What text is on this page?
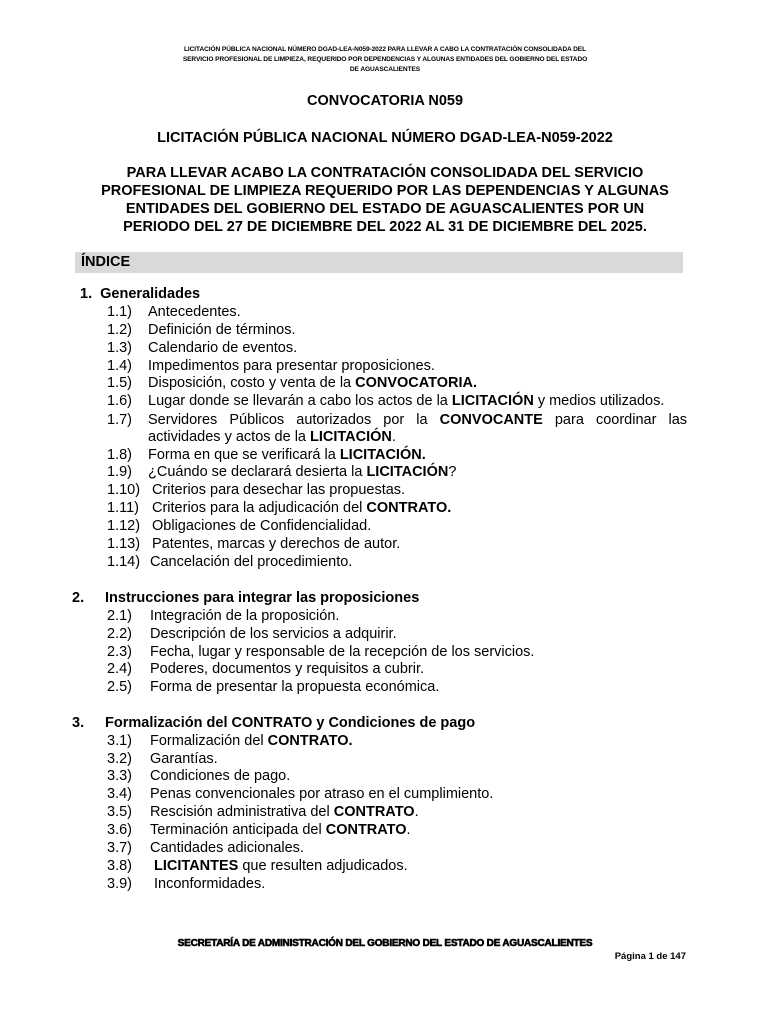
LICITACIÓN PÚBLICA NACIONAL NÚMERO DGAD-LEA-N059-2022 PARA LLEVAR A CABO LA CONTRATACIÓN CONSOLIDADA DEL
SERVICIO PROFESIONAL DE LIMPIEZA, REQUERIDO POR DEPENDENCIAS Y ALGUNAS ENTIDADES DEL GOBIERNO DEL ESTADO
DE AGUASCALIENTES
CONVOCATORIA N059
LICITACIÓN PÚBLICA NACIONAL NÚMERO DGAD-LEA-N059-2022
PARA LLEVAR ACABO LA CONTRATACIÓN CONSOLIDADA DEL SERVICIO
PROFESIONAL DE LIMPIEZA REQUERIDO POR LAS DEPENDENCIAS Y ALGUNAS
ENTIDADES DEL GOBIERNO DEL ESTADO DE AGUASCALIENTES POR UN
PERIODO DEL 27 DE DICIEMBRE DEL 2022 AL 31 DE DICIEMBRE DEL 2025.
ÍNDICE
1. Generalidades
1.1) Antecedentes.
1.2) Definición de términos.
1.3) Calendario de eventos.
1.4) Impedimentos para presentar proposiciones.
1.5) Disposición, costo y venta de la CONVOCATORIA.
1.6) Lugar donde se llevarán a cabo los actos de la LICITACIÓN y medios utilizados.
1.7) Servidores Públicos autorizados por la CONVOCANTE para coordinar las
actividades y actos de la LICITACIÓN.
1.8) Forma en que se verificará la LICITACIÓN.
1.9) ¿Cuándo se declarará desierta la LICITACIÓN?
1.10) Criterios para desechar las propuestas.
1.11) Criterios para la adjudicación del CONTRATO.
1.12) Obligaciones de Confidencialidad.
1.13) Patentes, marcas y derechos de autor.
1.14) Cancelación del procedimiento.
2. Instrucciones para integrar las proposiciones
2.1) Integración de la proposición.
2.2) Descripción de los servicios a adquirir.
2.3) Fecha, lugar y responsable de la recepción de los servicios.
2.4) Poderes, documentos y requisitos a cubrir.
2.5) Forma de presentar la propuesta económica.
3. Formalización del CONTRATO y Condiciones de pago
3.1) Formalización del CONTRATO.
3.2) Garantías.
3.3) Condiciones de pago.
3.4) Penas convencionales por atraso en el cumplimiento.
3.5) Rescisión administrativa del CONTRATO.
3.6) Terminación anticipada del CONTRATO.
3.7) Cantidades adicionales.
3.8) LICITANTES que resulten adjudicados.
3.9) Inconformidades.
SECRETARÍA DE ADMINISTRACIÓN DEL GOBIERNO DEL ESTADO DE AGUASCALIENTES
Página 1 de 147
